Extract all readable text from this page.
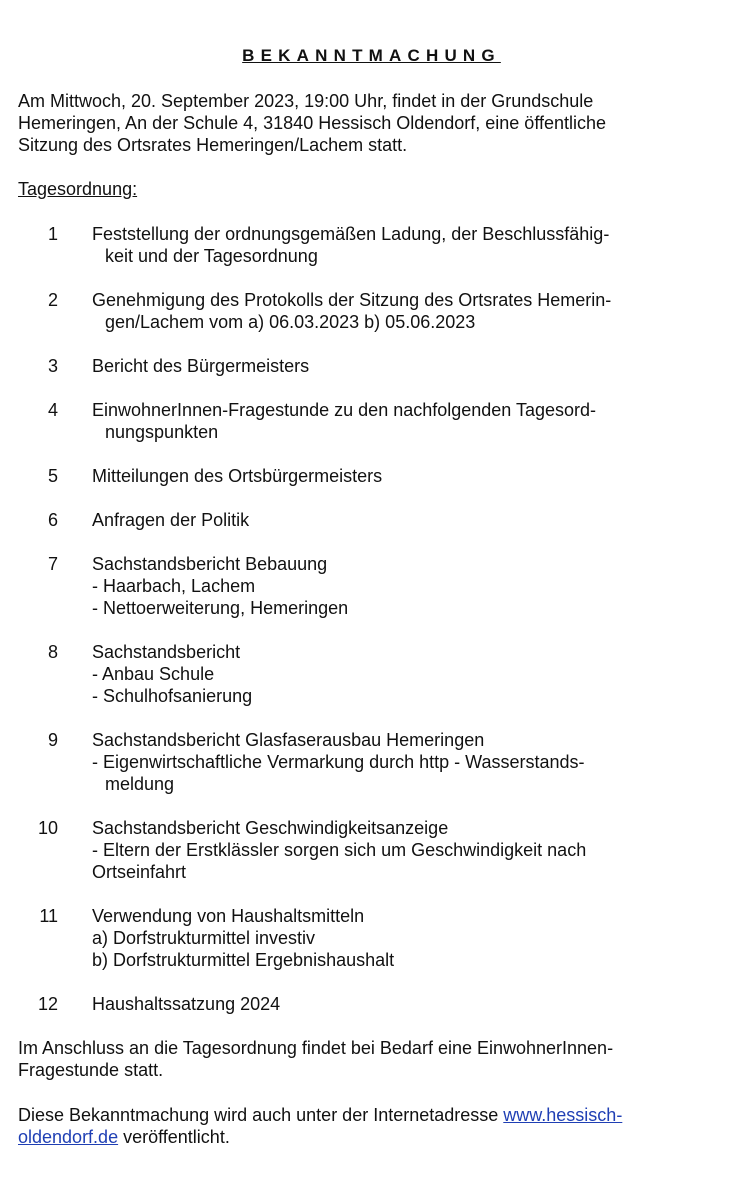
BEKANNTMACHUNG
Am Mittwoch, 20. September 2023, 19:00 Uhr, findet in der Grundschule
Hemeringen, An der Schule 4, 31840 Hessisch Oldendorf, eine öffentliche
Sitzung des Ortsrates Hemeringen/Lachem statt.
Tagesordnung:
1 Feststellung der ordnungsgemäßen Ladung, der Beschlussfähig-
keit und der Tagesordnung
2 Genehmigung des Protokolls der Sitzung des Ortsrates Hemerin-
gen/Lachem vom a) 06.03.2023 b) 05.06.2023
3 Bericht des Bürgermeisters
4 EinwohnerInnen-Fragestunde zu den nachfolgenden Tagesord-
nungspunkten
5 Mitteilungen des Ortsbürgermeisters
6 Anfragen der Politik
7 Sachstandsbericht Bebauung
- Haarbach, Lachem
- Nettoerweiterung, Hemeringen
8 Sachstandsbericht
- Anbau Schule
- Schulhofsanierung
9 Sachstandsbericht Glasfaserausbau Hemeringen
- Eigenwirtschaftliche Vermarkung durch http - Wasserstands-
meldung
10 Sachstandsbericht Geschwindigkeitsanzeige
- Eltern der Erstklässler sorgen sich um Geschwindigkeit nach
Ortseinfahrt
11 Verwendung von Haushaltsmitteln
a) Dorfstrukturmittel investiv
b) Dorfstrukturmittel Ergebnishaushalt
12 Haushaltssatzung 2024
Im Anschluss an die Tagesordnung findet bei Bedarf eine EinwohnerInnen-
Fragestunde statt.
Diese Bekanntmachung wird auch unter der Internetadresse www.hessisch-
oldendorf.de veröffentlicht.
